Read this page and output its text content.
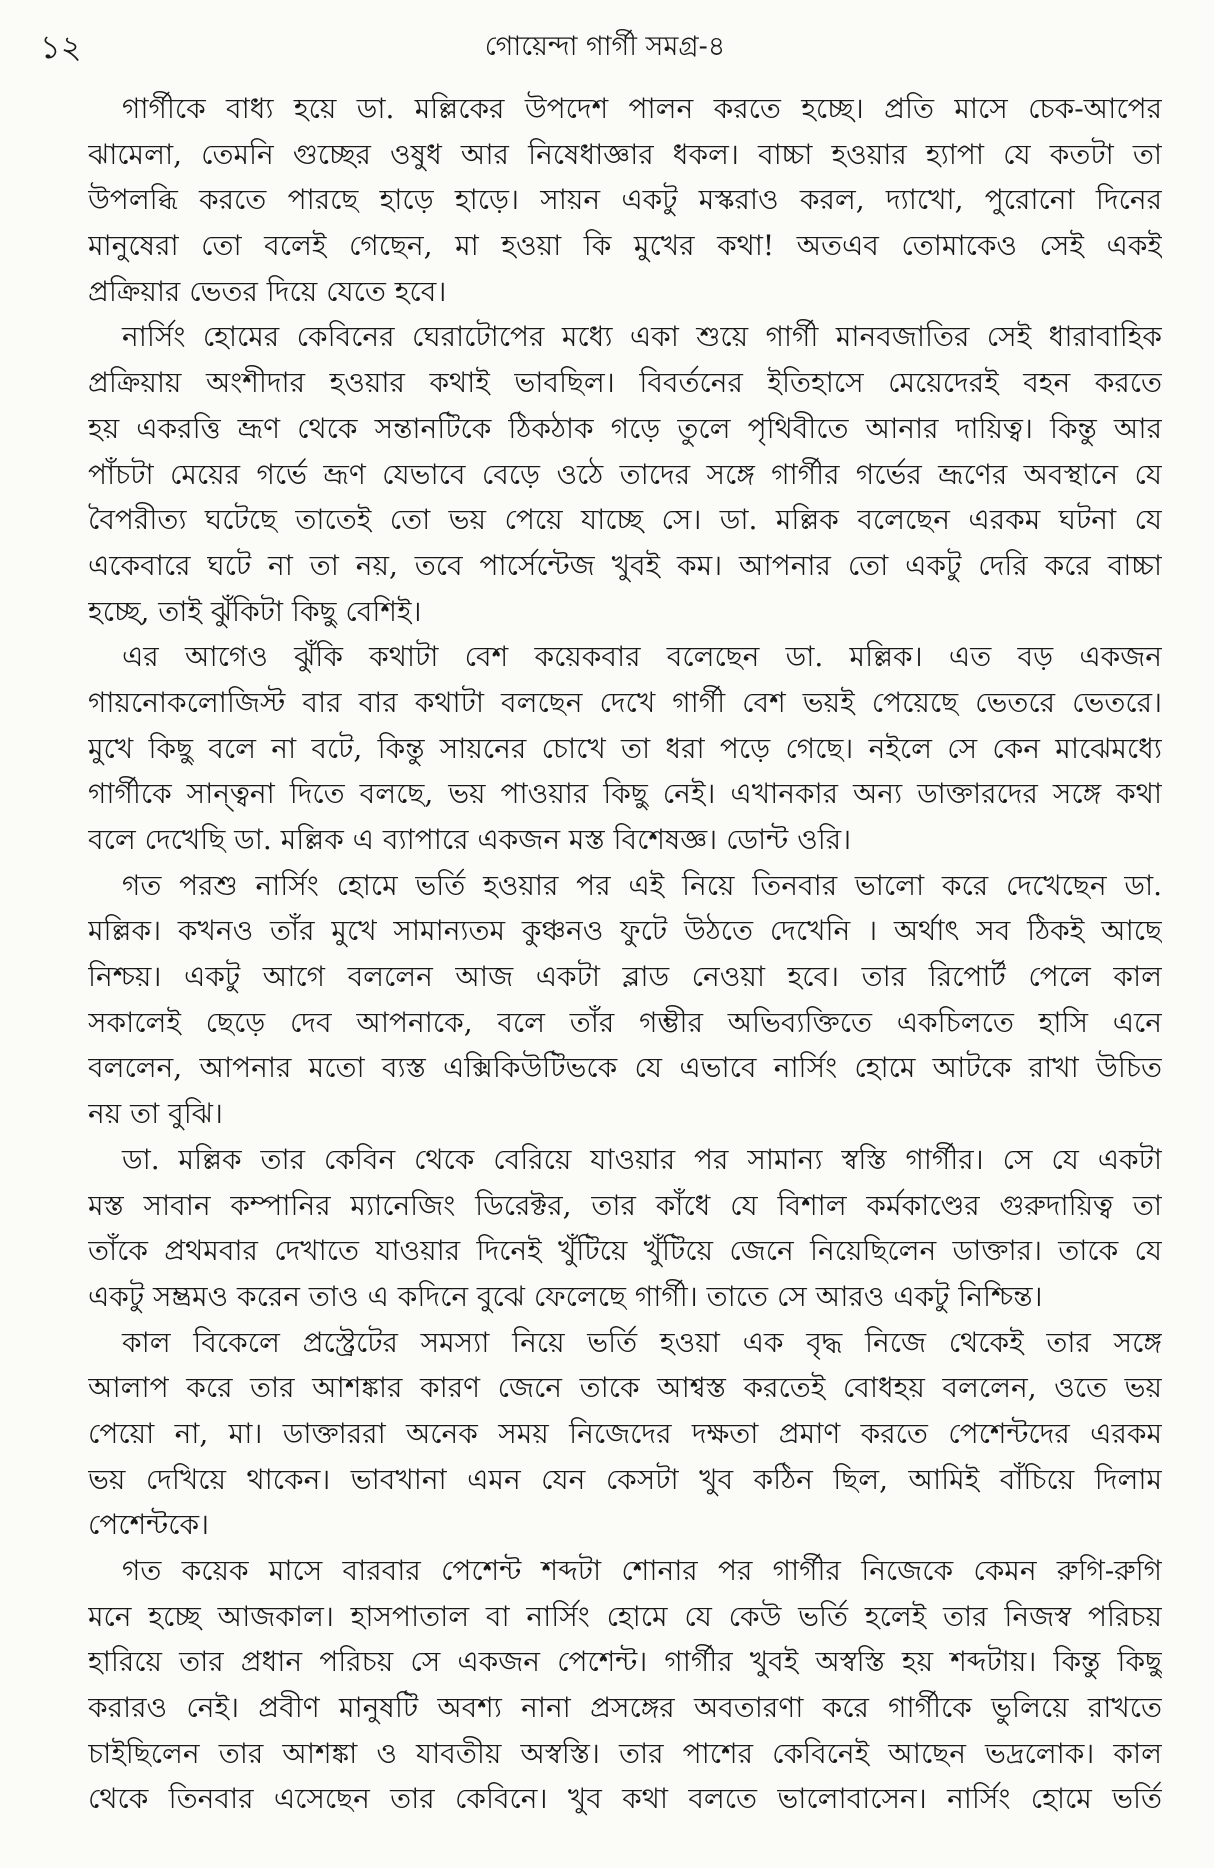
১২	গোয়েন্দা গার্গী সমগ্র-৪
গার্গীকে বাধ্য হয়ে ডা. মল্লিকের উপদেশ পালন করতে হচ্ছে। প্রতি মাসে চেক-আপের
ঝামেলা, তেমনি গুচ্ছের ওষুধ আর নিষেধাজ্ঞার ধকল। বাচ্চা হওয়ার হ্যাপা যে কতটা তা
উপলব্ধি করতে পারছে হাড়ে হাড়ে। সায়ন একটু মস্করাও করল, দ্যাখো, পুরোনো দিনের
মানুষেরা তো বলেই গেছেন, মা হওয়া কি মুখের কথা! অতএব তোমাকেও সেই একই
প্রক্রিয়ার ভেতর দিয়ে যেতে হবে।
নার্সিং হোমের কেবিনের ঘেরাটোপের মধ্যে একা শুয়ে গার্গী মানবজাতির সেই ধারাবাহিক
প্রক্রিয়ায় অংশীদার হওয়ার কথাই ভাবছিল। বিবর্তনের ইতিহাসে মেয়েদেরই বহন করতে
হয় একরত্তি ভ্রূণ থেকে সন্তানটিকে ঠিকঠাক গড়ে তুলে পৃথিবীতে আনার দায়িত্ব। কিন্তু আর
পাঁচটা মেয়ের গর্ভে ভ্রূণ যেভাবে বেড়ে ওঠে তাদের সঙ্গে গার্গীর গর্ভের ভ্রূণের অবস্থানে যে
বৈপরীত্য ঘটেছে তাতেই তো ভয় পেয়ে যাচ্ছে সে। ডা. মল্লিক বলেছেন এরকম ঘটনা যে
একেবারে ঘটে না তা নয়, তবে পার্সেন্টেজ খুবই কম। আপনার তো একটু দেরি করে বাচ্চা
হচ্ছে, তাই ঝুঁকিটা কিছু বেশিই।
এর আগেও ঝুঁকি কথাটা বেশ কয়েকবার বলেছেন ডা. মল্লিক। এত বড় একজন
গায়নোকলোজিস্ট বার বার কথাটা বলছেন দেখে গার্গী বেশ ভয়ই পেয়েছে ভেতরে ভেতরে।
মুখে কিছু বলে না বটে, কিন্তু সায়নের চোখে তা ধরা পড়ে গেছে। নইলে সে কেন মাঝেমধ্যে
গার্গীকে সান্ত্বনা দিতে বলছে, ভয় পাওয়ার কিছু নেই। এখানকার অন্য ডাক্তারদের সঙ্গে কথা
বলে দেখেছি ডা. মল্লিক এ ব্যাপারে একজন মস্ত বিশেষজ্ঞ। ডোন্ট ওরি।
গত পরশু নার্সিং হোমে ভর্তি হওয়ার পর এই নিয়ে তিনবার ভালো করে দেখেছেন ডা.
মল্লিক। কখনও তাঁর মুখে সামান্যতম কুঞ্চনও ফুটে উঠতে দেখেনি । অর্থাৎ সব ঠিকই আছে
নিশ্চয়। একটু আগে বললেন আজ একটা ব্লাড নেওয়া হবে। তার রিপোর্ট পেলে কাল
সকালেই ছেড়ে দেব আপনাকে, বলে তাঁর গম্ভীর অভিব্যক্তিতে একচিলতে হাসি এনে
বললেন, আপনার মতো ব্যস্ত এক্সিকিউটিভকে যে এভাবে নার্সিং হোমে আটকে রাখা উচিত
নয় তা বুঝি।
ডা. মল্লিক তার কেবিন থেকে বেরিয়ে যাওয়ার পর সামান্য স্বস্তি গার্গীর। সে যে একটা
মস্ত সাবান কম্পানির ম্যানেজিং ডিরেক্টর, তার কাঁধে যে বিশাল কর্মকাণ্ডের গুরুদায়িত্ব তা
তাঁকে প্রথমবার দেখাতে যাওয়ার দিনেই খুঁটিয়ে খুঁটিয়ে জেনে নিয়েছিলেন ডাক্তার। তাকে যে
একটু সম্ভ্রমও করেন তাও এ কদিনে বুঝে ফেলেছে গার্গী। তাতে সে আরও একটু নিশ্চিন্ত।
কাল বিকেলে প্রস্ট্রেটের সমস্যা নিয়ে ভর্তি হওয়া এক বৃদ্ধ নিজে থেকেই তার সঙ্গে
আলাপ করে তার আশঙ্কার কারণ জেনে তাকে আশ্বস্ত করতেই বোধহয় বললেন, ওতে ভয়
পেয়ো না, মা। ডাক্তাররা অনেক সময় নিজেদের দক্ষতা প্রমাণ করতে পেশেন্টদের এরকম
ভয় দেখিয়ে থাকেন। ভাবখানা এমন যেন কেসটা খুব কঠিন ছিল, আমিই বাঁচিয়ে দিলাম
পেশেন্টকে।
গত কয়েক মাসে বারবার পেশেন্ট শব্দটা শোনার পর গার্গীর নিজেকে কেমন রুগি-রুগি
মনে হচ্ছে আজকাল। হাসপাতাল বা নার্সিং হোমে যে কেউ ভর্তি হলেই তার নিজস্ব পরিচয়
হারিয়ে তার প্রধান পরিচয় সে একজন পেশেন্ট। গার্গীর খুবই অস্বস্তি হয় শব্দটায়। কিন্তু কিছু
করারও নেই। প্রবীণ মানুষটি অবশ্য নানা প্রসঙ্গের অবতারণা করে গার্গীকে ভুলিয়ে রাখতে
চাইছিলেন তার আশঙ্কা ও যাবতীয় অস্বস্তি। তার পাশের কেবিনেই আছেন ভদ্রলোক। কাল
থেকে তিনবার এসেছেন তার কেবিনে। খুব কথা বলতে ভালোবাসেন। নার্সিং হোমে ভর্তি
